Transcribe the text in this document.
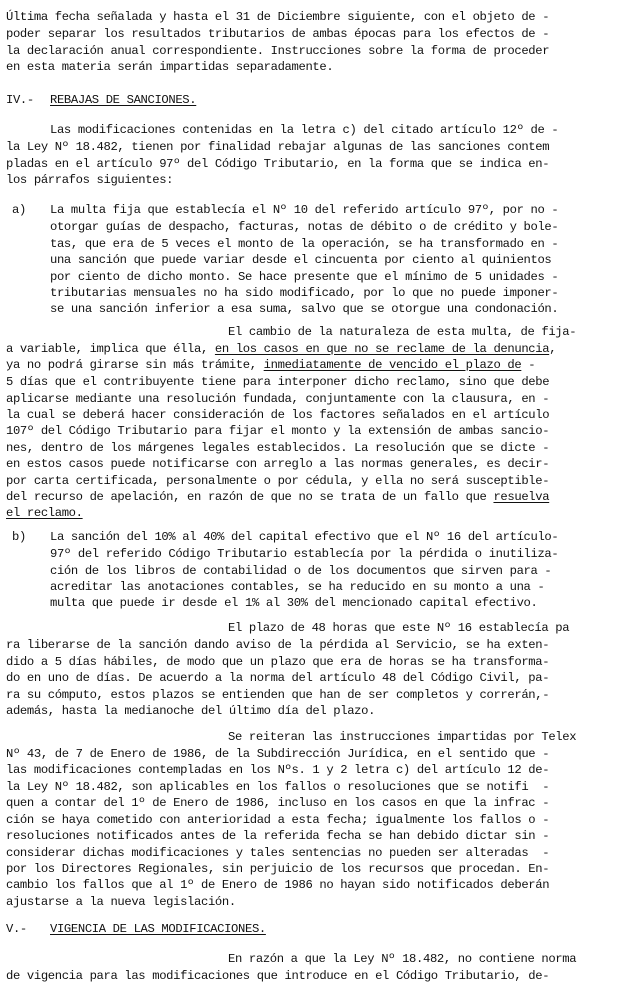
Última fecha señalada y hasta el 31 de Diciembre siguiente, con el objeto de -
poder separar los resultados tributarios de ambas épocas para los efectos de -
la declaración anual correspondiente. Instrucciones sobre la forma de proceder
en esta materia serán impartidas separadamente.
IV.- REBAJAS DE SANCIONES.
Las modificaciones contenidas en la letra c) del citado artículo 12º de -
la Ley Nº 18.482, tienen por finalidad rebajar algunas de las sanciones contem
pladas en el artículo 97º del Código Tributario, en la forma que se indica en-
los párrafos siguientes:
a) La multa fija que establecía el Nº 10 del referido artículo 97º, por no -
otorgar guías de despacho, facturas, notas de débito o de crédito y bole-
tas, que era de 5 veces el monto de la operación, se ha transformado en -
una sanción que puede variar desde el cincuenta por ciento al quinientos
por ciento de dicho monto. Se hace presente que el mínimo de 5 unidades -
tributarias mensuales no ha sido modificado, por lo que no puede imponer-
se una sanción inferior a esa suma, salvo que se otorgue una condonación.
El cambio de la naturaleza de esta multa, de fija-
a variable, implica que élla, en los casos en que no se reclame de la denuncia,
ya no podrá girarse sin más trámite, inmediatamente de vencido el plazo de -
5 días que el contribuyente tiene para interponer dicho reclamo, sino que debe
aplicarse mediante una resolución fundada, conjuntamente con la clausura, en -
la cual se deberá hacer consideración de los factores señalados en el artículo
107º del Código Tributario para fijar el monto y la extensión de ambas sancio-
nes, dentro de los márgenes legales establecidos. La resolución que se dicte -
en estos casos puede notificarse con arreglo a las normas generales, es decir-
por carta certificada, personalmente o por cédula, y ella no será susceptible-
del recurso de apelación, en razón de que no se trata de un fallo que resuelva
el reclamo.
b) La sanción del 10% al 40% del capital efectivo que el Nº 16 del artículo-
97º del referido Código Tributario establecía por la pérdida o inutiliza-
ción de los libros de contabilidad o de los documentos que sirven para -
acreditar las anotaciones contables, se ha reducido en su monto a una -
multa que puede ir desde el 1% al 30% del mencionado capital efectivo.
El plazo de 48 horas que este Nº 16 establecía pa
ra liberarse de la sanción dando aviso de la pérdida al Servicio, se ha exten-
dido a 5 días hábiles, de modo que un plazo que era de horas se ha transforma-
do en uno de días. De acuerdo a la norma del artículo 48 del Código Civil, pa-
ra su cómputo, estos plazos se entienden que han de ser completos y correrán,-
además, hasta la medianoche del último día del plazo.
Se reiteran las instrucciones impartidas por Telex
Nº 43, de 7 de Enero de 1986, de la Subdirección Jurídica, en el sentido que -
las modificaciones contempladas en los Nºs. 1 y 2 letra c) del artículo 12 de-
la Ley Nº 18.482, son aplicables en los fallos o resoluciones que se notifi  -
quen a contar del 1º de Enero de 1986, incluso en los casos en que la infrac -
ción se haya cometido con anterioridad a esta fecha; igualmente los fallos o -
resoluciones notificados antes de la referida fecha se han debido dictar sin -
considerar dichas modificaciones y tales sentencias no pueden ser alteradas  -
por los Directores Regionales, sin perjuicio de los recursos que procedan. En-
cambio los fallos que al 1º de Enero de 1986 no hayan sido notificados deberán
ajustarse a la nueva legislación.
V.- VIGENCIA DE LAS MODIFICACIONES.
En razón a que la Ley Nº 18.482, no contiene norma
de vigencia para las modificaciones que introduce en el Código Tributario, de-
